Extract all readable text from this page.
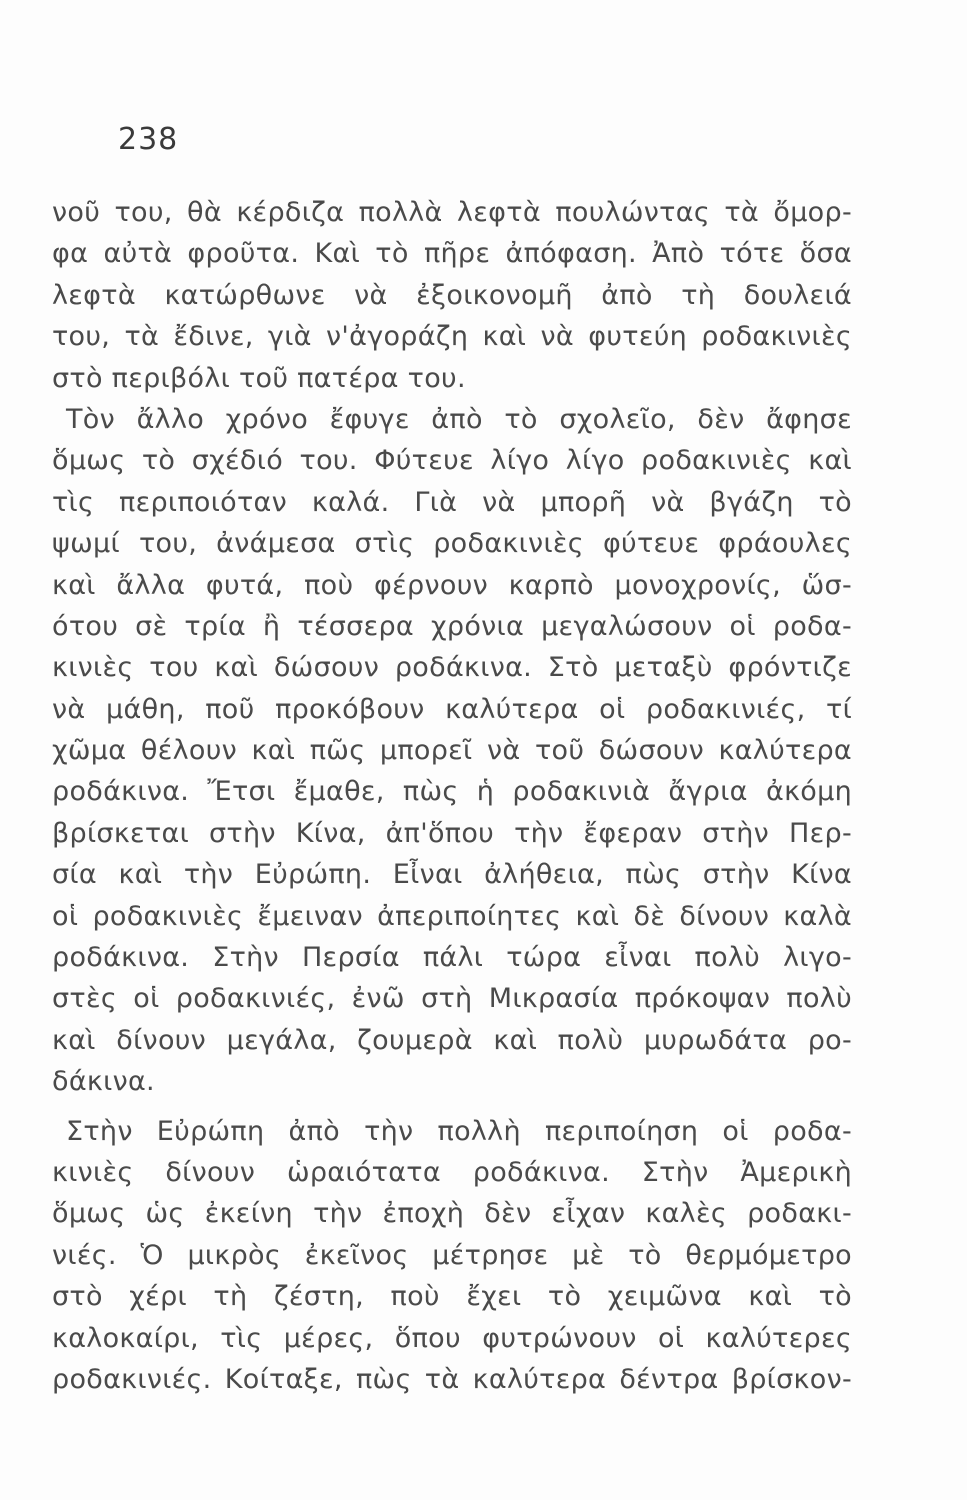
238
νοῦ του, θὰ κέρδιζα πολλὰ λεφτὰ πουλώντας τὰ ὄμορ-
φα αὐτὰ φροῦτα. Καὶ τὸ πῆρε ἀπόφαση. Ἀπὸ τότε ὅσα
λεφτὰ κατώρθωνε νὰ ἐξοικονομῆ ἀπὸ τὴ δουλειά
του, τὰ ἔδινε, γιὰ ν'ἀγοράζη καὶ νὰ φυτεύη ροδακινιὲς
στὸ περιβόλι τοῦ πατέρα του.
Τὸν ἄλλο χρόνο ἔφυγε ἀπὸ τὸ σχολεῖο, δὲν ἄφησε
ὅμως τὸ σχέδιό του. Φύτευε λίγο λίγο ροδακινιὲς καὶ
τὶς περιποιόταν καλά. Γιὰ νὰ μπορῆ νὰ βγάζη τὸ
ψωμί του, ἀνάμεσα στὶς ροδακινιὲς φύτευε φράουλες
καὶ ἄλλα φυτά, ποὺ φέρνουν καρπὸ μονοχρονίς, ὥσ-
ότου σὲ τρία ἢ τέσσερα χρόνια μεγαλώσουν οἱ ροδα-
κινιὲς του καὶ δώσουν ροδάκινα. Στὸ μεταξὺ φρόντιζε
νὰ μάθη, ποῦ προκόβουν καλύτερα οἱ ροδακινιές, τί
χῶμα θέλουν καὶ πῶς μπορεῖ νὰ τοῦ δώσουν καλύτερα
ροδάκινα. Ἔτσι ἔμαθε, πὼς ἡ ροδακινιὰ ἄγρια ἀκόμη
βρίσκεται στὴν Κίνα, ἀπ'ὅπου τὴν ἔφεραν στὴν Περ-
σία καὶ τὴν Εὐρώπη. Εἶναι ἀλήθεια, πὼς στὴν Κίνα
οἱ ροδακινιὲς ἔμειναν ἀπεριποίητες καὶ δὲ δίνουν καλὰ
ροδάκινα. Στὴν Περσία πάλι τώρα εἶναι πολὺ λιγο-
στὲς οἱ ροδακινιές, ἐνῶ στὴ Μικρασία πρόκοψαν πολὺ
καὶ δίνουν μεγάλα, ζουμερὰ καὶ πολὺ μυρωδάτα ρο-
δάκινα.
Στὴν Εὐρώπη ἀπὸ τὴν πολλὴ περιποίηση οἱ ροδα-
κινιὲς δίνουν ὡραιότατα ροδάκινα. Στὴν Ἀμερικὴ
ὅμως ὡς ἐκείνη τὴν ἐποχὴ δὲν εἶχαν καλὲς ροδακι-
νιές. Ὁ μικρὸς ἐκεῖνος μέτρησε μὲ τὸ θερμόμετρο
στὸ χέρι τὴ ζέστη, ποὺ ἔχει τὸ χειμῶνα καὶ τὸ
καλοκαίρι, τὶς μέρες, ὅπου φυτρώνουν οἱ καλύτερες
ροδακινιές. Κοίταξε, πὼς τὰ καλύτερα δέντρα βρίσκον-
